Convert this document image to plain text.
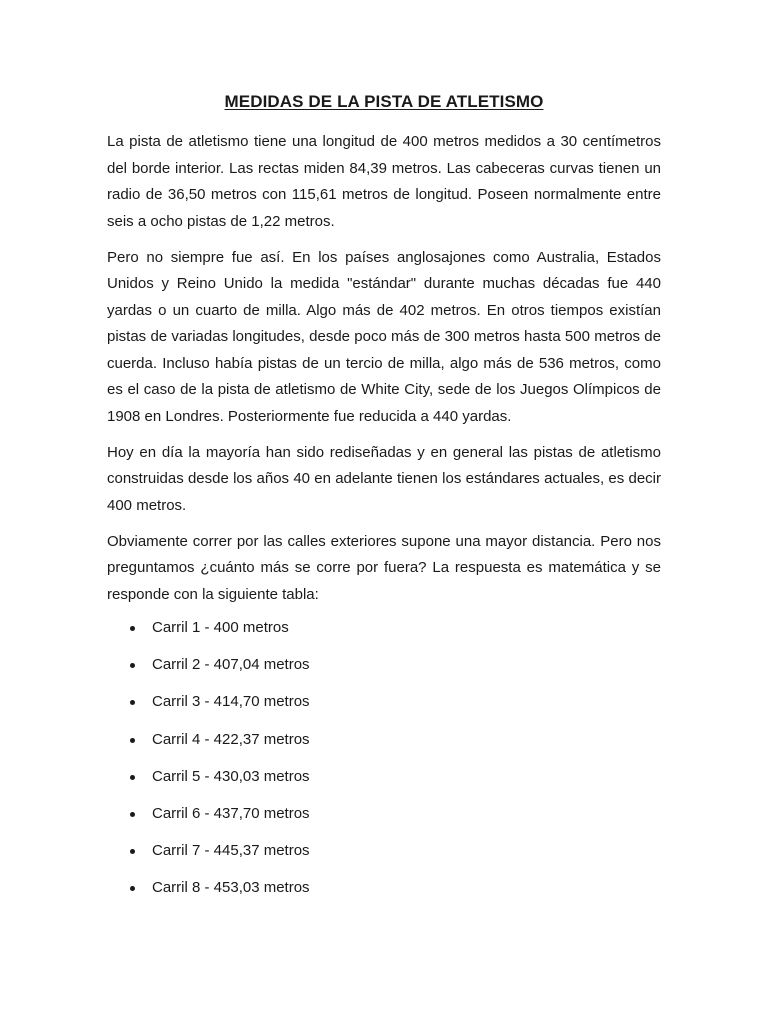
MEDIDAS DE LA PISTA DE ATLETISMO

La pista de atletismo tiene una longitud de 400 metros medidos a 30 centímetros del borde interior. Las rectas miden 84,39 metros. Las cabeceras curvas tienen un radio de 36,50 metros con 115,61 metros de longitud. Poseen normalmente entre seis a ocho pistas de 1,22 metros.

Pero no siempre fue así. En los países anglosajones como Australia, Estados Unidos y Reino Unido la medida "estándar" durante muchas décadas fue 440 yardas o un cuarto de milla. Algo más de 402 metros. En otros tiempos existían pistas de variadas longitudes, desde poco más de 300 metros hasta 500 metros de cuerda. Incluso había pistas de un tercio de milla, algo más de 536 metros, como es el caso de la pista de atletismo de White City, sede de los Juegos Olímpicos de 1908 en Londres. Posteriormente fue reducida a 440 yardas.

Hoy en día la mayoría han sido rediseñadas y en general las pistas de atletismo construidas desde los años 40 en adelante tienen los estándares actuales, es decir 400 metros.

Obviamente correr por las calles exteriores supone una mayor distancia. Pero nos preguntamos ¿cuánto más se corre por fuera? La respuesta es matemática y se responde con la siguiente tabla:

Carril 1 - 400 metros
Carril 2 - 407,04 metros
Carril 3 - 414,70 metros
Carril 4 - 422,37 metros
Carril 5 - 430,03 metros
Carril 6 - 437,70 metros
Carril 7 - 445,37 metros
Carril 8 - 453,03 metros
